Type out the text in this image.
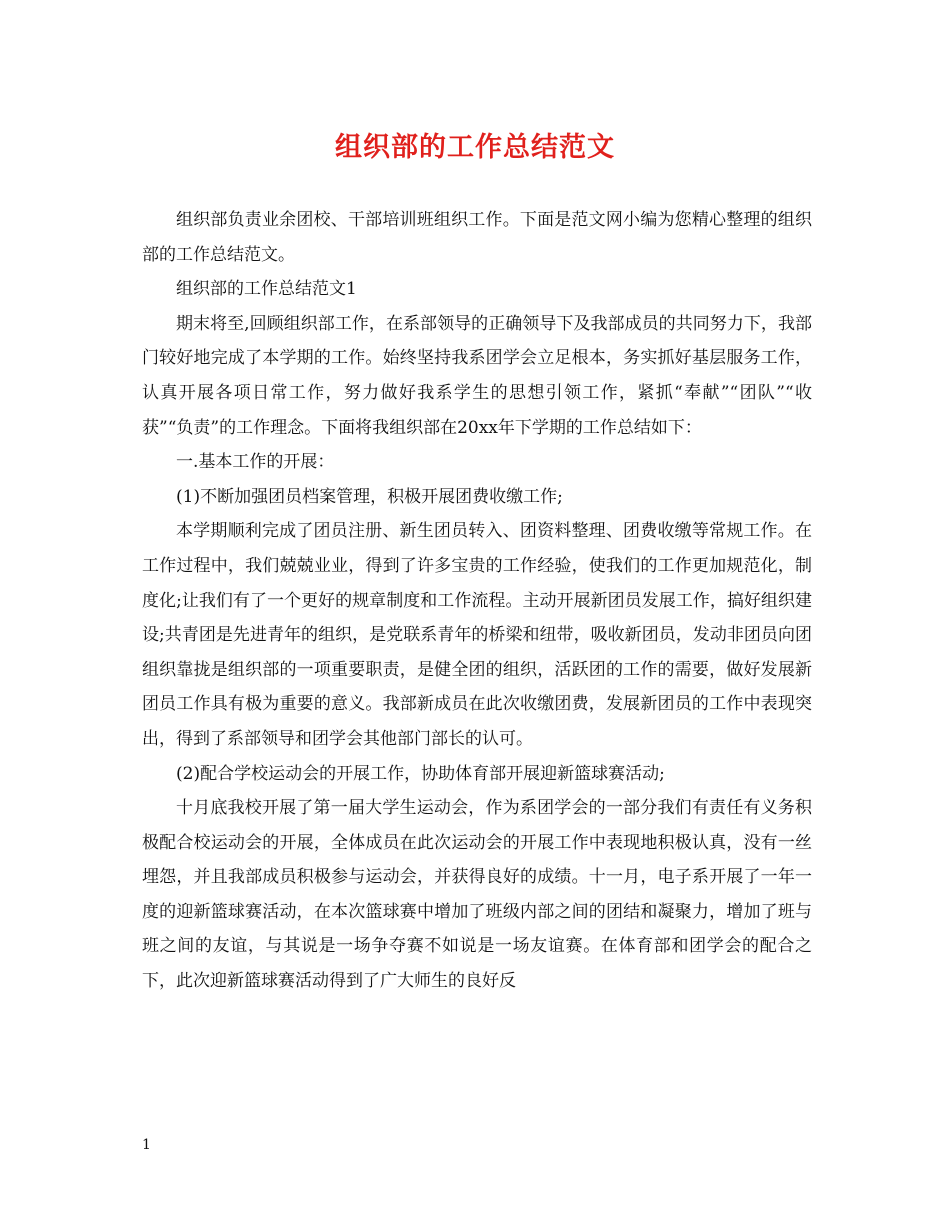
组织部的工作总结范文

组织部负责业余团校、干部培训班组织工作。下面是范文网小编为您精心整理的组织部的工作总结范文。

组织部的工作总结范文1

期末将至,回顾组织部工作，在系部领导的正确领导下及我部成员的共同努力下，我部门较好地完成了本学期的工作。始终坚持我系团学会立足根本，务实抓好基层服务工作，认真开展各项日常工作，努力做好我系学生的思想引领工作，紧抓“奉献”“团队”“收获”“负责”的工作理念。下面将我组织部在20xx年下学期的工作总结如下：

一.基本工作的开展：

(1)不断加强团员档案管理，积极开展团费收缴工作;

本学期顺利完成了团员注册、新生团员转入、团资料整理、团费收缴等常规工作。在工作过程中，我们兢兢业业，得到了许多宝贵的工作经验，使我们的工作更加规范化，制度化;让我们有了一个更好的规章制度和工作流程。主动开展新团员发展工作，搞好组织建设;共青团是先进青年的组织，是党联系青年的桥梁和纽带，吸收新团员，发动非团员向团组织靠拢是组织部的一项重要职责，是健全团的组织，活跃团的工作的需要，做好发展新团员工作具有极为重要的意义。我部新成员在此次收缴团费，发展新团员的工作中表现突出，得到了系部领导和团学会其他部门部长的认可。

(2)配合学校运动会的开展工作，协助体育部开展迎新篮球赛活动;

十月底我校开展了第一届大学生运动会，作为系团学会的一部分我们有责任有义务积极配合校运动会的开展，全体成员在此次运动会的开展工作中表现地积极认真，没有一丝埋怨，并且我部成员积极参与运动会，并获得良好的成绩。十一月，电子系开展了一年一度的迎新篮球赛活动，在本次篮球赛中增加了班级内部之间的团结和凝聚力，增加了班与班之间的友谊，与其说是一场争夺赛不如说是一场友谊赛。在体育部和团学会的配合之下，此次迎新篮球赛活动得到了广大师生的良好反

1
